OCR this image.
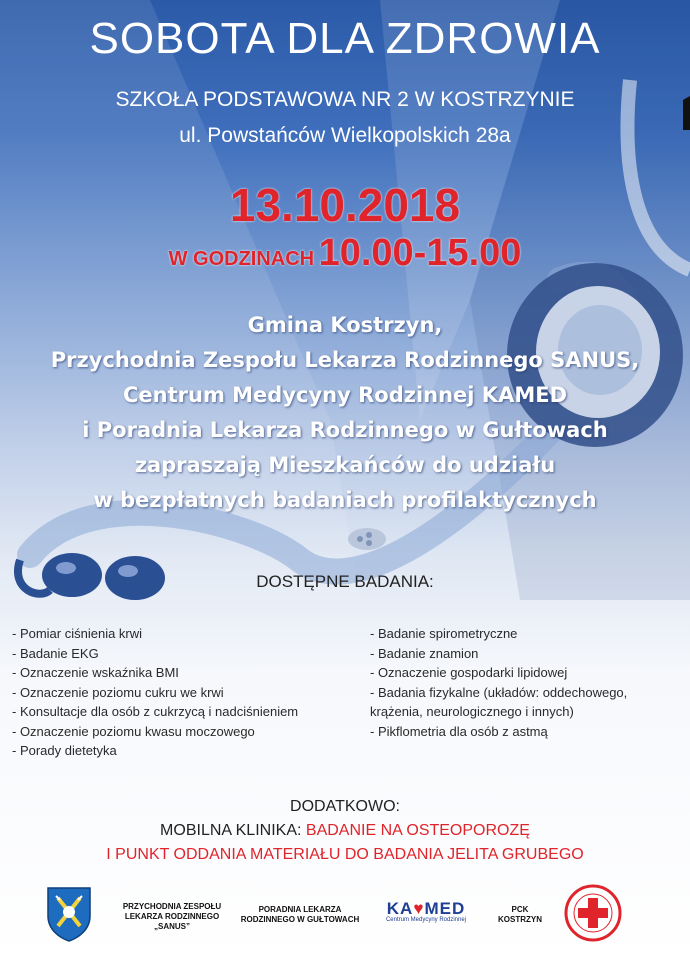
SOBOTA DLA ZDROWIA
SZKOŁA PODSTAWOWA NR 2 W KOSTRZYNIE
ul. Powstańców Wielkopolskich 28a
13.10.2018
W GODZINACH 10.00-15.00
Gmina Kostrzyn,
Przychodnia Zespołu Lekarza Rodzinnego SANUS,
Centrum Medycyny Rodzinnej KAMED
i Poradnia Lekarza Rodzinnego w Gułtowach
zapraszają Mieszkańców do udziału
w bezpłatnych badaniach profilaktycznych
DOSTĘPNE BADANIA:
- Pomiar ciśnienia krwi
- Badanie EKG
- Oznaczenie wskaźnika BMI
- Oznaczenie poziomu cukru we krwi
- Konsultacje dla osób z cukrzycą i nadciśnieniem
- Oznaczenie poziomu kwasu moczowego
- Porady dietetyka
- Badanie spirometryczne
- Badanie znamion
- Oznaczenie gospodarki lipidowej
- Badania fizykalne (układów: oddechowego,
krążenia, neurologicznego i innych)
- Pikflometria dla osób z astmą
DODATKOWO:
MOBILNA KLINIKA: BADANIE NA OSTEOPOROZĘ
I PUNKT ODDANIA MATERIAŁU DO BADANIA JELITA GRUBEGO
PRZYCHODNIA ZESPOŁU
LEKARZA RODZINNEGO
„SANUS”
PORADNIA LEKARZA
RODZINNEGO W GUŁTOWACH
KA♥MED
Centrum Medycyny Rodzinnej
PCK
KOSTRZYN
